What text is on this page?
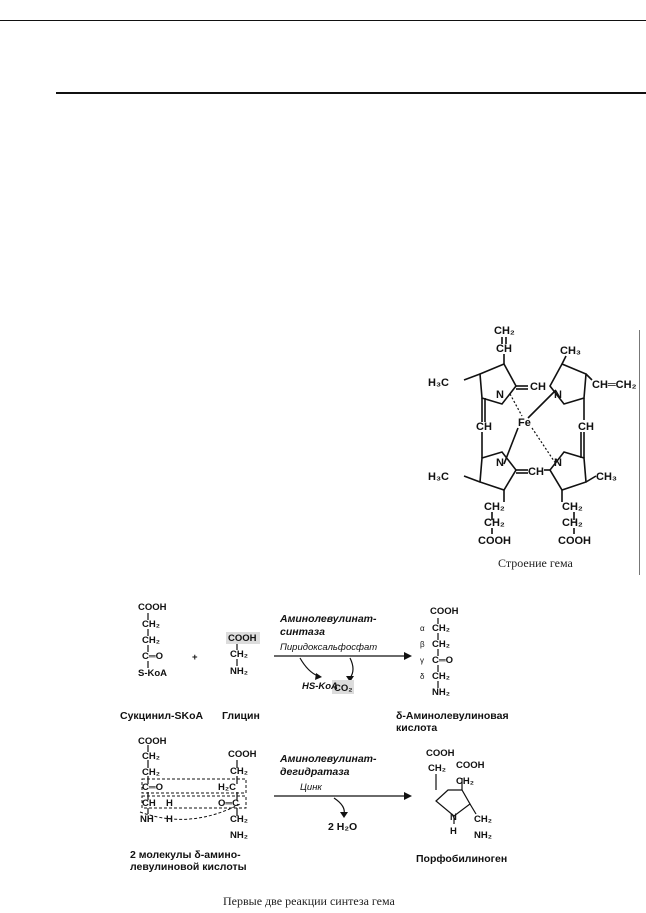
CH₂
CH	CH₃
CH═CH₂
H₃C	CH
N	N
Fe
CH	CH
N	N
H₃C	CH	CH₃
CH₂
CH₂
COOH
CH₂
CH₂
COOH
Строение гема
COOH
CH₂
CH₂
C═O
S-KoA
+
COOH
CH₂
NH₂
Аминолевулинат-
синтаза
Пиридоксальфосфат
HS-KoA
CO₂
COOH
CH₂
CH₂
C═O
CH₂
NH₂
α
β
γ
δ
Сукцинил-SKoA Глицин	δ-Аминолевулиновая
кислота
COOH
CH₂
CH₂
C═O
CH
NH
H
H
COOH
CH₂
H₂C
O═C
CH₂
NH₂
Аминолевулинат-
дегидратаза
Цинк
2 H₂O
COOH
CH₂ COOH
CH₂
N
H
CH₂
NH₂
2 молекулы δ-амино-
левулиновой кислоты
Порфобилиноген
Первые две реакции синтеза гема
